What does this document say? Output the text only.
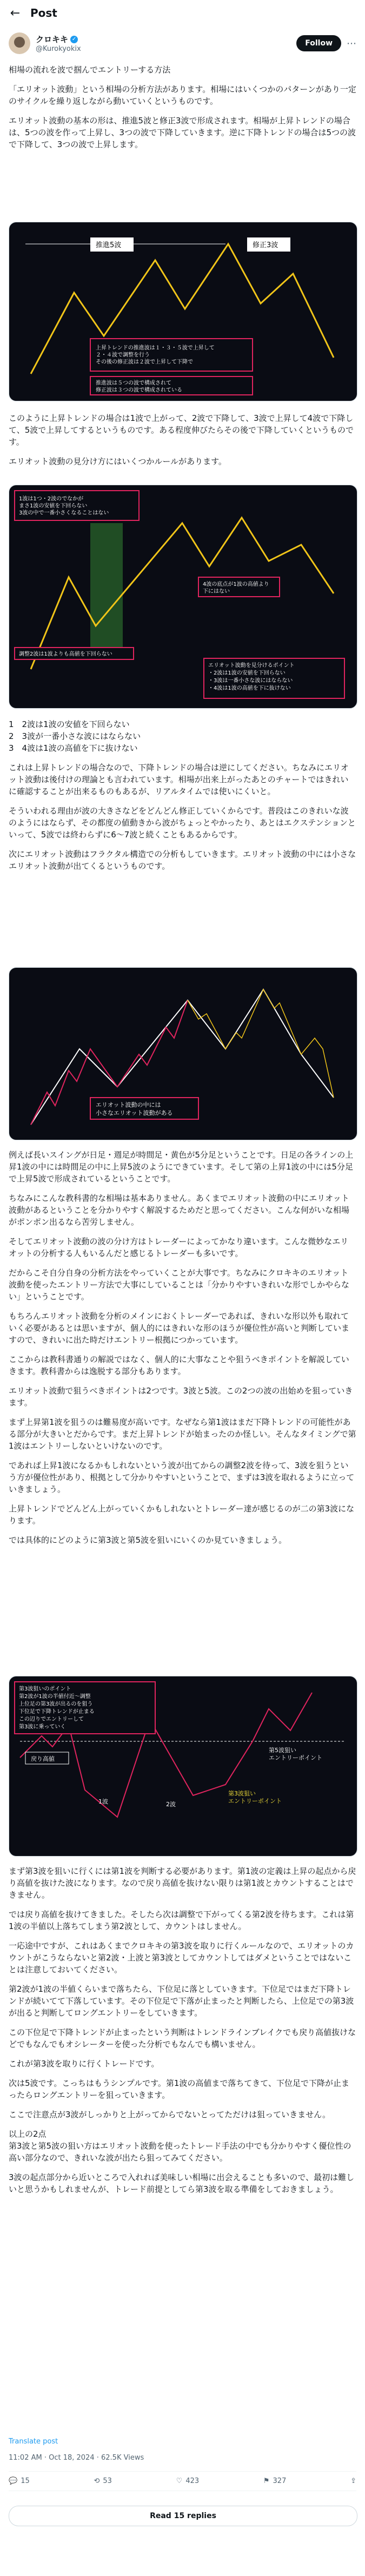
← Post
クロキキ ✓
@Kurokyokix
Follow	⋯

相場の流れを波で掴んでエントリーする方法

「エリオット波動」という相場の分析方法があります。相場にはいくつかのパターンがあり一定のサイクルを繰り返しながら動いていくというものです。

エリオット波動の基本の形は、推進5波と修正3波で形成されます。相場が上昇トレンドの場合は、5つの波を作って上昇し、3つの波で下降していきます。逆に下降トレンドの場合は5つの波で下降して、3つの波で上昇します。

推進5波	修正3波
上昇トレンドの推進波は１・３・５波で上昇して ２・４波で調整を行う その後の修正波は２波で上昇して下降で
推進波は５つの波で構成されて 修正波は３つの波で構成されている

このように上昇トレンドの場合は1波で上がって、2波で下降して、3波で上昇して4波で下降して、5波で上昇してするというものです。ある程度伸びたらその後で下降していくというものです。

エリオット波動の見分け方にはいくつかルールがあります。

1波は1つ・2波のでなかが まさ1波の安値を下回らない 3波の中で一番小さくなることはない
4波の底点が1波の高値より 下にはない
調整2波は1波よりも高値を下回らない
エリオット波動を見分けるポイント ・2波は1波の安値を下回らない ・3波は一番小さな波にはならない ・4波は1波の高値を下に抜けない

1　2波は1波の安値を下回らない
2　3波が一番小さな波にはならない
3　4波は1波の高値を下に抜けない

これは上昇トレンドの場合なので、下降トレンドの場合は逆にしてください。ちなみにエリオット波動は後付けの理論とも言われています。相場が出来上がったあとのチャートではきれいに確認することが出来るものもあるが、リアルタイムでは使いにくいと。

そういわれる理由が波の大きさなどをどんどん修正していくからです。普段はこのきれいな波のようにはならず、その都度の値動きから波がちょっとやかったり、あとはエクステンションといって、5波では終わらずに6～7波と続くこともあるからです。

次にエリオット波動はフラクタル構造での分析もしていきます。エリオット波動の中には小さなエリオット波動が出てくるというものです。

エリオット波動の中には 小さなエリオット波動がある

例えば長いスイングが日足・週足が時間足・黄色が5分足ということです。日足の各ラインの上昇1波の中には時間足の中に上昇5波のようにできています。そして第の上昇1波の中には5分足で上昇5波で形成されているということです。

ちなみにこんな教科書的な相場は基本ありません。あくまでエリオット波動の中にエリオット波動があるということを分かりやすく解説するためだと思ってください。こんな何がいな相場がポンポン出るなら苦労しません。

そしてエリオット波動の波の分け方はトレーダーによってかなり違います。こんな微妙なエリオットの分析する人もいるんだと感じるトレーダーも多いです。

だからこそ自分自身の分析方法をやっていくことが大事です。ちなみにクロキキのエリオット波動を使ったエントリー方法で大事にしていることは「分かりやすいきれいな形でしかやらない」ということです。

もちろんエリオット波動を分析のメインにおくトレーダーであれば、きれいな形以外も取れていく必要があるとは思いますが、個人的にはきれいな形のほうが優位性が高いと判断していますので、きれいに出た時だけエントリー根拠につかっています。

ここからは教科書通りの解説ではなく、個人的に大事なことや狙うべきポイントを解説していきます。教科書からは逸脱する部分もあります。

エリオット波動で狙うべきポイントは2つです。3波と5波。この2つの波の出始めを狙っていきます。

まず上昇第1波を狙うのは難易度が高いです。なぜなら第1波はまだ下降トレンドの可能性がある部分が大きいとだからです。まだ上昇トレンドが始まったのか怪しい。そんなタイミングで第1波はエントリーしないといけないのです。

であれば上昇1波になるかもしれないという波が出てからの調整2波を待って、3波を狙うという方が優位性があり、根拠として分かりやすいということで、まずは3波を取れるように立っていきましょう。

上昇トレンドでどんどん上がっていくかもしれないとトレーダー達が感じるのが二の第3波になります。

では具体的にどのように第3波と第5波を狙いにいくのか見ていきましょう。

第3波狙いのポイント 第2波が1波の半値付近〜調整 上位足の第3波が出るのを狙う 下位足で下降トレンドが止まる この辺りでエントリーして 第3波に乗っていく
戻り高値
1波	2波
第3波狙い エントリーポイント
第5波狙い エントリーポイント

まず第3波を狙いに行くには第1波を判断する必要があります。第1波の定義は上昇の起点から戻り高値を抜けた波になります。なので戻り高値を抜けない限りは第1波とカウントすることはできません。

では戻り高値を抜けてきました。そしたら次は調整で下がってくる第2波を待ちます。これは第1波の半値以上落ちてしまう第2波として、カウントはしません。

一応途中ですが、これはあくまでクロキキの第3波を取りに行くルールなので、エリオットのカウントがこうならないと第2波・上波と第3波としてカウントしてはダメということではないことは注意しておいてください。

第2波が1波の半値くらいまで落ちたら、下位足に落としていきます。下位足ではまだ下降トレンドが続いてて下落しています。その下位足で下落が止まったと判断したら、上位足での第3波が出ると判断してロングエントリーをしていきます。

この下位足で下降トレンドが止まったという判断はトレンドラインブレイクでも戻り高値抜けなどでもなんでもオシレーターを使った分析でもなんでも構いません。

これが第3波を取りに行くトレードです。

次は5波です。こっちはもうシンプルです。第1波の高値まで落ちてきて、下位足で下降が止まったらロングエントリーを狙っていきます。

ここで注意点が3波がしっかりと上がってからでないとってただけは狙っていきません。

以上の2点
第3波と第5波の狙い方はエリオット波動を使ったトレード手法の中でも分かりやすく優位性の高い部分なので、きれいな波が出たら狙ってみてください。

3波の起点部分から近いところで入れれば美味しい相場に出会えることも多いので、最初は難しいと思うかもしれませんが、トレード前提としてら第3波を取る準備をしておきましょう。

Translate post
11:02 AM · Oct 18, 2024 · 62.5K Views
💬 15	⟲ 53	♡ 423	⚑ 327	⇪
Read 15 replies
